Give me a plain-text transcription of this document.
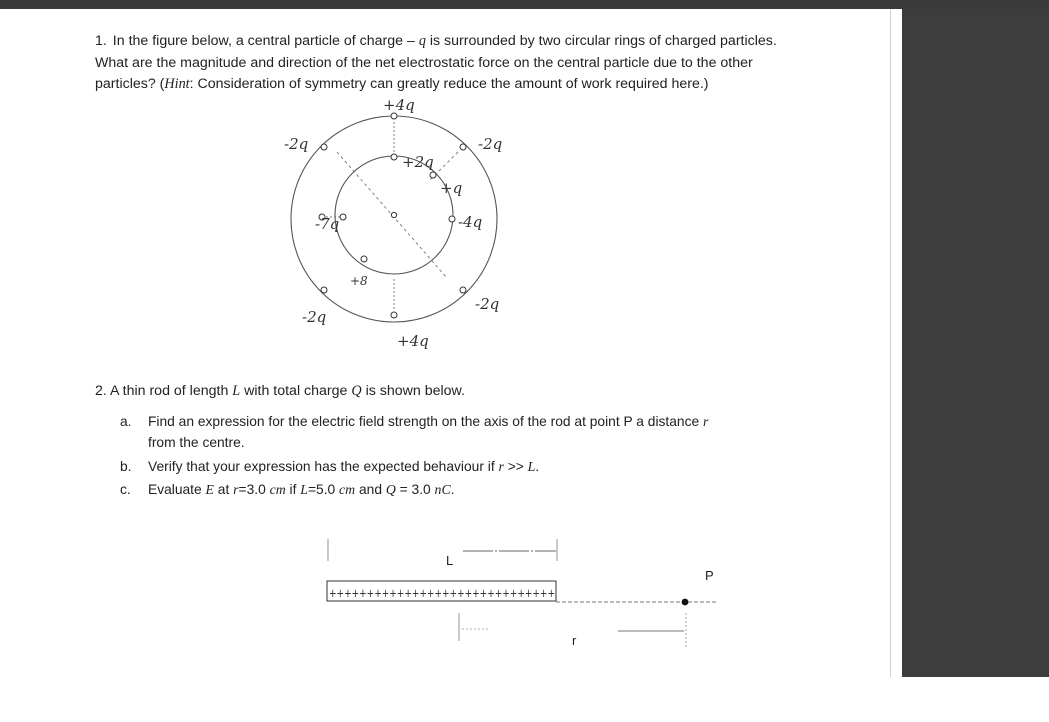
1. In the figure below, a central particle of charge – q is surrounded by two circular rings of charged particles. What are the magnitude and direction of the net electrostatic force on the central particle due to the other particles? (Hint: Consideration of symmetry can greatly reduce the amount of work required here.)
+4q
-2q	-2q
+2q
+q
-7q	-4q
+8
-2q
-2q
+4q
2. A thin rod of length L with total charge Q is shown below.
a. Find an expression for the electric field strength on the axis of the rod at point P a distance r
from the centre.
b. Verify that your expression has the expected behaviour if r >> L.
c. Evaluate E at r=3.0 cm if L=5.0 cm and Q = 3.0 nC.
L
++++++++++++++++++++++++++++++
P
r
